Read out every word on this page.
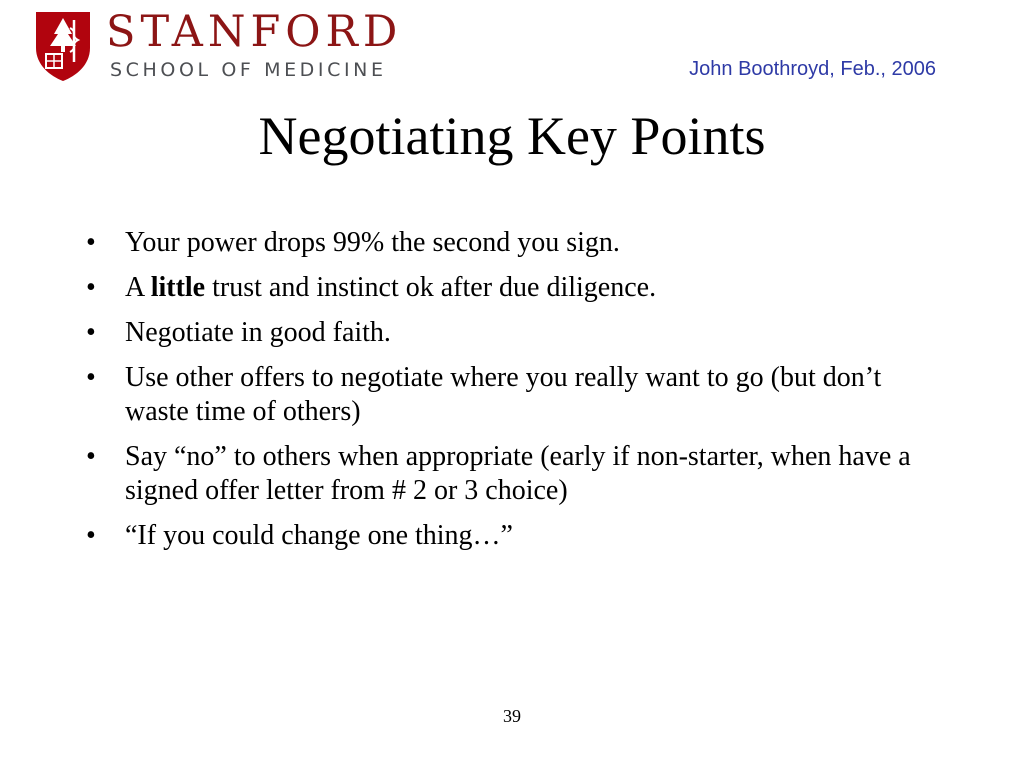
STANFORD
SCHOOL OF MEDICINE	John Boothroyd, Feb., 2006
Negotiating Key Points
• Your power drops 99% the second you sign.
• A little trust and instinct ok after due diligence.
• Negotiate in good faith.
• Use other offers to negotiate where you really want to go (but don’t waste time of others)
• Say “no” to others when appropriate (early if non-starter, when have a signed offer letter from # 2 or 3 choice)
• “If you could change one thing…”
39
